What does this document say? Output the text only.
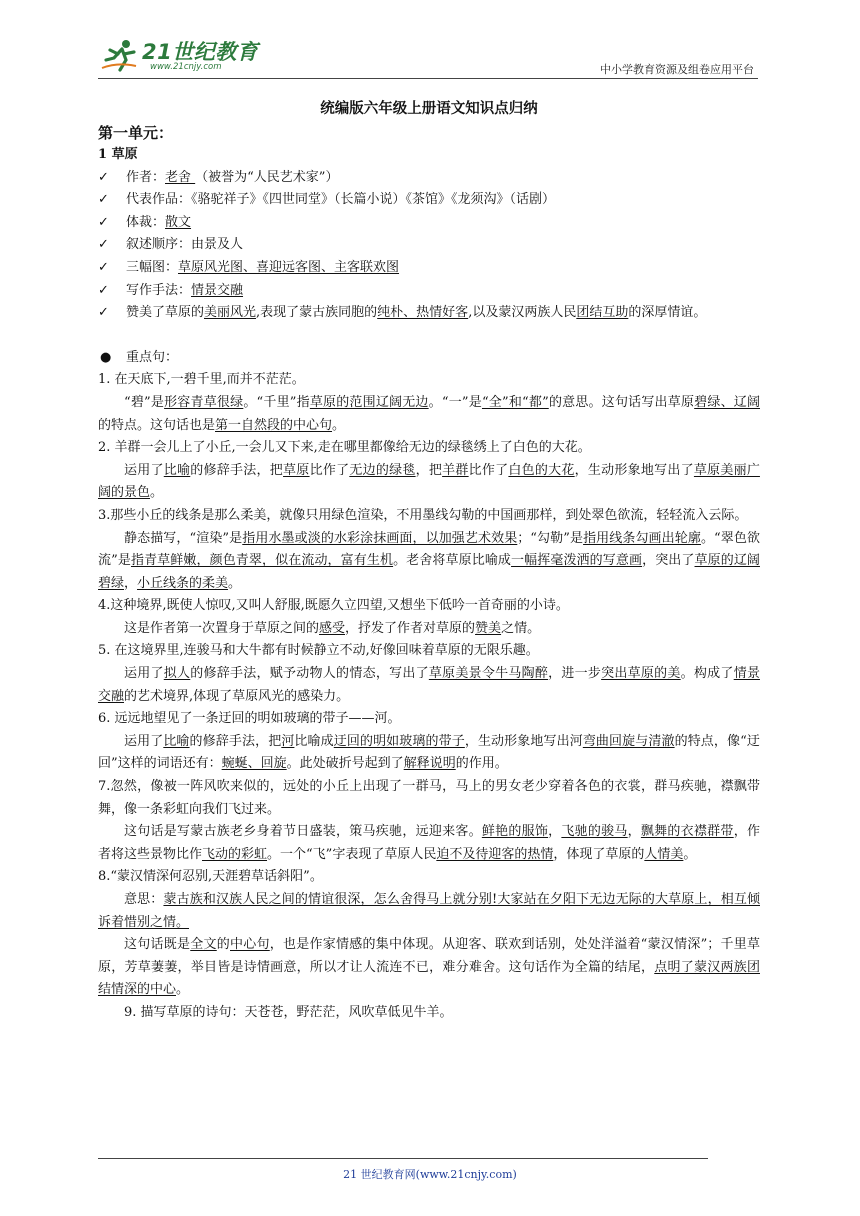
21世纪教育
www.21cnjy.com	中小学教育资源及组卷应用平台
统编版六年级上册语文知识点归纳
第一单元：
1 草原
✓ 作者：老舍 （被誉为“人民艺术家”）
✓ 代表作品：《骆驼祥子》《四世同堂》（长篇小说）《茶馆》《龙须沟》（话剧）
✓ 体裁：散文
✓ 叙述顺序：由景及人
✓ 三幅图：草原风光图、喜迎远客图、主客联欢图
✓ 写作手法：情景交融
✓ 赞美了草原的美丽风光,表现了蒙古族同胞的纯朴、热情好客,以及蒙汉两族人民团结互助的深厚情谊。
● 重点句：
1. 在天底下,一碧千里,而并不茫茫。
“碧”是形容青草很绿。“千里”指草原的范围辽阔无边。“一”是“全”和“都”的意思。这句话写出草原碧绿、辽阔的特点。这句话也是第一自然段的中心句。
2. 羊群一会儿上了小丘,一会儿又下来,走在哪里都像给无边的绿毯绣上了白色的大花。
运用了比喻的修辞手法，把草原比作了无边的绿毯，把羊群比作了白色的大花，生动形象地写出了草原美丽广阔的景色。
3.那些小丘的线条是那么柔美，就像只用绿色渲染，不用墨线勾勒的中国画那样，到处翠色欲流，轻轻流入云际。
静态描写，“渲染”是指用水墨或淡的水彩涂抹画面，以加强艺术效果；“勾勒”是指用线条勾画出轮廓。“翠色欲流”是指青草鲜嫩，颜色青翠，似在流动，富有生机。老舍将草原比喻成一幅挥毫泼洒的写意画，突出了草原的辽阔碧绿，小丘线条的柔美。
4.这种境界,既使人惊叹,又叫人舒服,既愿久立四望,又想坐下低吟一首奇丽的小诗。
这是作者第一次置身于草原之间的感受，抒发了作者对草原的赞美之情。
5. 在这境界里,连骏马和大牛都有时候静立不动,好像回味着草原的无限乐趣。
运用了拟人的修辞手法，赋予动物人的情态，写出了草原美景令牛马陶醉，进一步突出草原的美。构成了情景交融的艺术境界,体现了草原风光的感染力。
6. 远远地望见了一条迂回的明如玻璃的带子——河。
运用了比喻的修辞手法，把河比喻成迂回的明如玻璃的带子，生动形象地写出河弯曲回旋与清澈的特点，像“迂回”这样的词语还有：蜿蜒、回旋。此处破折号起到了解释说明的作用。
7.忽然，像被一阵风吹来似的，远处的小丘上出现了一群马，马上的男女老少穿着各色的衣裳，群马疾驰，襟飘带舞，像一条彩虹向我们飞过来。
这句话是写蒙古族老乡身着节日盛装，策马疾驰，远迎来客。鲜艳的服饰，飞驰的骏马，飘舞的衣襟群带，作者将这些景物比作飞动的彩虹。一个“飞”字表现了草原人民迫不及待迎客的热情，体现了草原的人情美。
8.“蒙汉情深何忍别,天涯碧草话斜阳”。
意思：蒙古族和汉族人民之间的情谊很深，怎么舍得马上就分别!大家站在夕阳下无边无际的大草原上，相互倾诉着惜别之情。
这句话既是全文的中心句，也是作家情感的集中体现。从迎客、联欢到话别，处处洋溢着“蒙汉情深”；千里草原，芳草萋萋，举目皆是诗情画意，所以才让人流连不已，难分难舍。这句话作为全篇的结尾，点明了蒙汉两族团结情深的中心。
9. 描写草原的诗句：天苍苍，野茫茫，风吹草低见牛羊。
21 世纪教育网(www.21cnjy.com)
